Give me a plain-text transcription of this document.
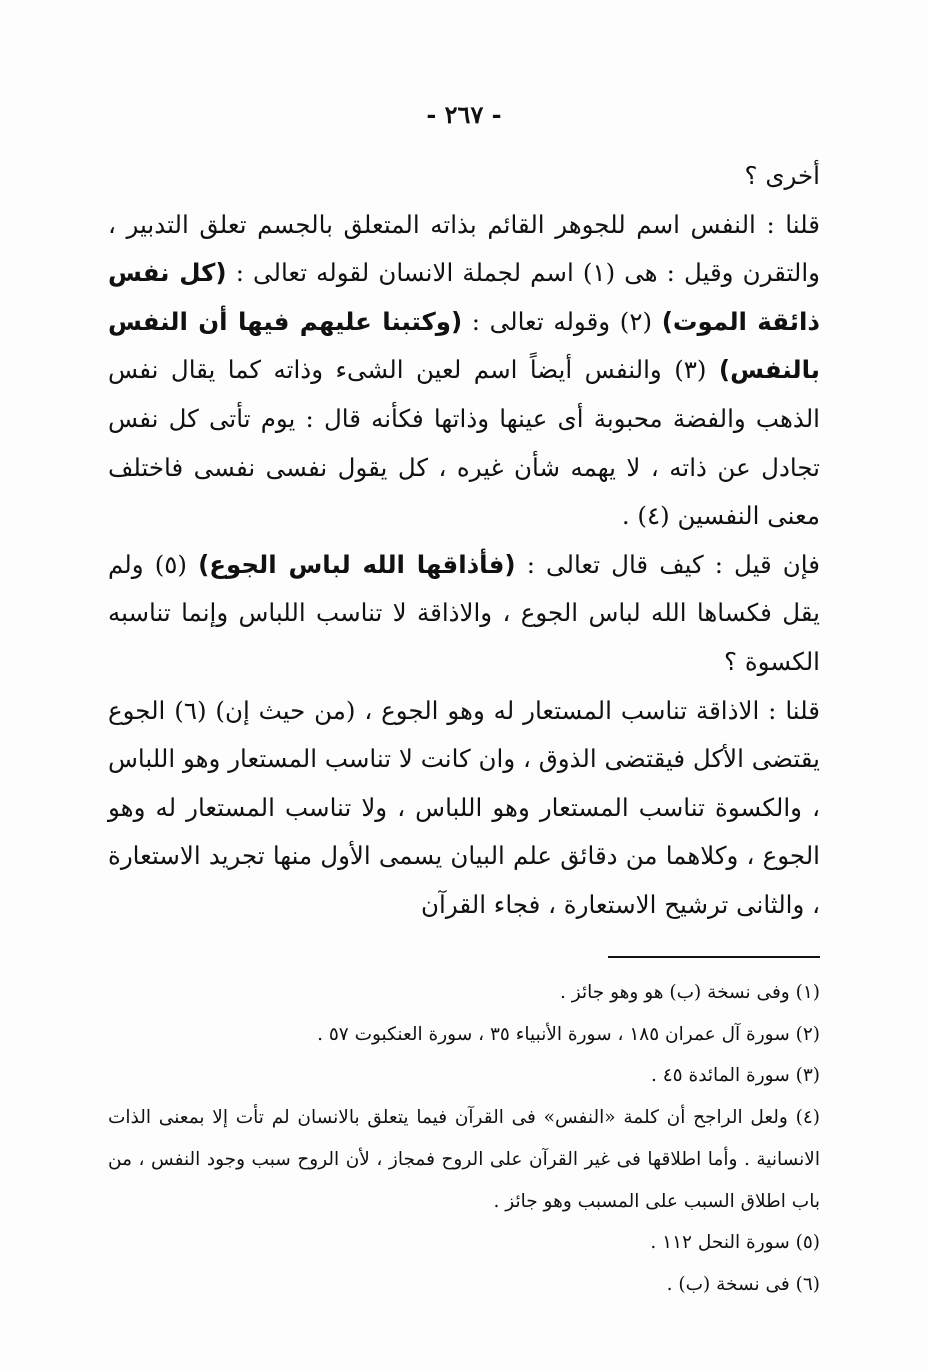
- ٢٦٧ -

أخرى ؟

قلنا : النفس اسم للجوهر القائم بذاته المتعلق بالجسم تعلق التدبير ، والتقرن وقيل : هى (١) اسم لجملة الانسان لقوله تعالى : (كل نفس ذائقة الموت) (٢) وقوله تعالى : (وكتبنا عليهم فيها أن النفس بالنفس) (٣) والنفس أيضاً اسم لعين الشىء وذاته كما يقال نفس الذهب والفضة محبوبة أى عينها وذاتها فكأنه قال : يوم تأتى كل نفس تجادل عن ذاته ، لا يهمه شأن غيره ، كل يقول نفسى نفسى فاختلف معنى النفسين (٤) .

فإن قيل : كيف قال تعالى : (فأذاقها الله لباس الجوع) (٥) ولم يقل فكساها الله لباس الجوع ، والاذاقة لا تناسب اللباس وإنما تناسبه الكسوة ؟

قلنا : الاذاقة تناسب المستعار له وهو الجوع ، (من حيث إن) (٦) الجوع يقتضى الأكل فيقتضى الذوق ، وان كانت لا تناسب المستعار وهو اللباس ، والكسوة تناسب المستعار وهو اللباس ، ولا تناسب المستعار له وهو الجوع ، وكلاهما من دقائق علم البيان يسمى الأول منها تجريد الاستعارة ، والثانى ترشيح الاستعارة ، فجاء القرآن

(١) وفى نسخة (ب) هو وهو جائز .

(٢) سورة آل عمران ١٨٥ ، سورة الأنبياء ٣٥ ، سورة العنكبوت ٥٧ .

(٣) سورة المائدة ٤٥ .

(٤) ولعل الراجح أن كلمة «النفس» فى القرآن فيما يتعلق بالانسان لم تأت إلا بمعنى الذات الانسانية . وأما اطلاقها فى غير القرآن على الروح فمجاز ، لأن الروح سبب وجود النفس ، من باب اطلاق السبب على المسبب وهو جائز .

(٥) سورة النحل ١١٢ .

(٦) فى نسخة (ب) .
